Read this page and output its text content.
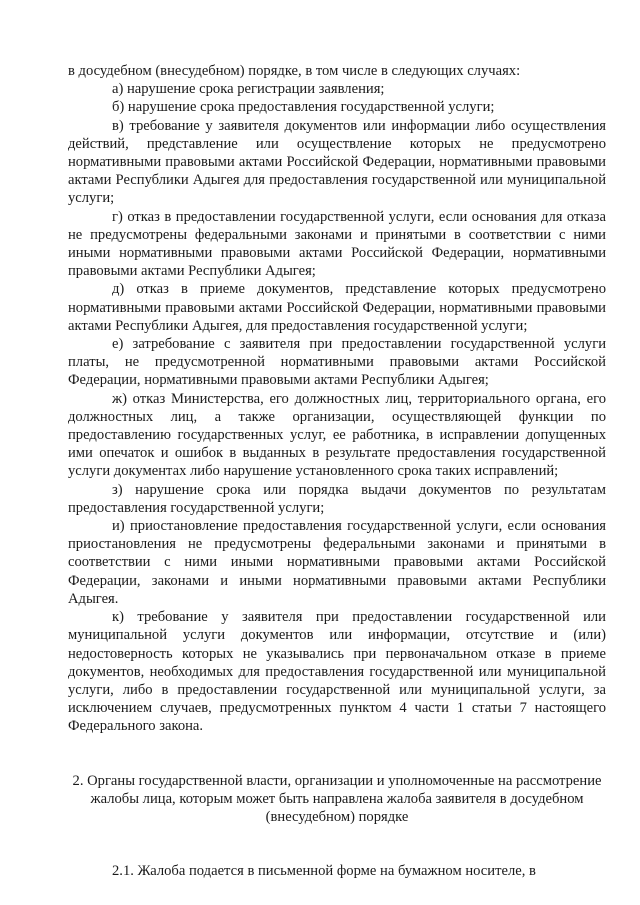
в досудебном (внесудебном) порядке, в том числе в следующих случаях:

а) нарушение срока регистрации заявления;

б) нарушение срока предоставления государственной услуги;

в) требование у заявителя документов или информации либо осуществления действий, представление или осуществление которых не предусмотрено нормативными правовыми актами Российской Федерации, нормативными правовыми актами Республики Адыгея для предоставления государственной или муниципальной услуги;

г) отказ в предоставлении государственной услуги, если основания для отказа не предусмотрены федеральными законами и принятыми в соответствии с ними иными нормативными правовыми актами Российской Федерации, нормативными правовыми актами Республики Адыгея;

д) отказ в приеме документов, представление которых предусмотрено нормативными правовыми актами Российской Федерации, нормативными правовыми актами Республики Адыгея, для предоставления государственной услуги;

е) затребование с заявителя при предоставлении государственной услуги платы, не предусмотренной нормативными правовыми актами Российской Федерации, нормативными правовыми актами Республики Адыгея;

ж) отказ Министерства, его должностных лиц, территориального органа, его должностных лиц, а также организации, осуществляющей функции по предоставлению государственных услуг, ее работника, в исправлении допущенных ими опечаток и ошибок в выданных в результате предоставления государственной услуги документах либо нарушение установленного срока таких исправлений;

з) нарушение срока или порядка выдачи документов по результатам предоставления государственной услуги;

и) приостановление предоставления государственной услуги, если основания приостановления не предусмотрены федеральными законами и принятыми в соответствии с ними иными нормативными правовыми актами Российской Федерации, законами и иными нормативными правовыми актами Республики Адыгея.

к) требование у заявителя при предоставлении государственной или муниципальной услуги документов или информации, отсутствие и (или) недостоверность которых не указывались при первоначальном отказе в приеме документов, необходимых для предоставления государственной или муниципальной услуги, либо в предоставлении государственной или муниципальной услуги, за исключением случаев, предусмотренных пунктом 4 части 1 статьи 7 настоящего Федерального закона.

2. Органы государственной власти, организации и уполномоченные на рассмотрение жалобы лица, которым может быть направлена жалоба заявителя в досудебном (внесудебном) порядке

2.1. Жалоба подается в письменной форме на бумажном носителе, в
